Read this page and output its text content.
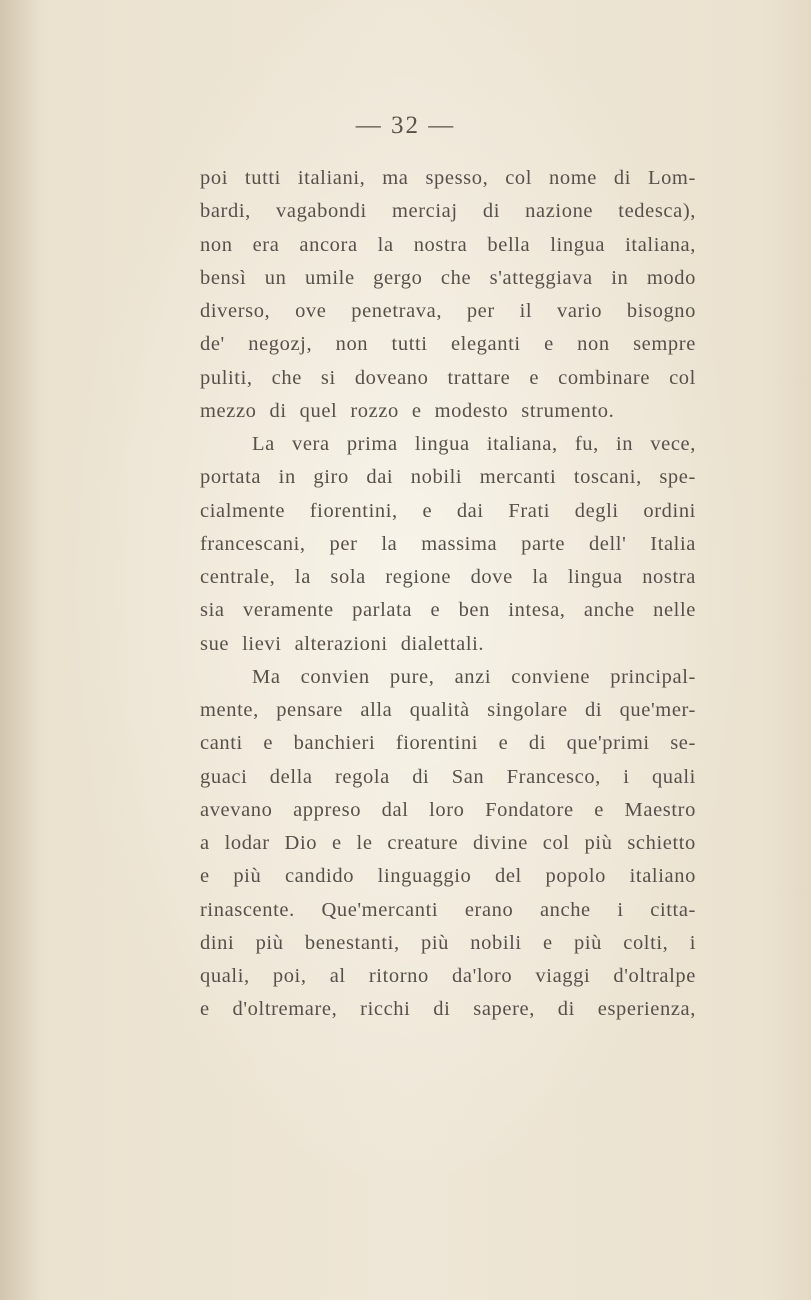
— 32 —
poi tutti italiani, ma spesso, col nome di Lom-
bardi, vagabondi merciaj di nazione tedesca),
non era ancora la nostra bella lingua italiana,
bensì un umile gergo che s'atteggiava in modo
diverso, ove penetrava, per il vario bisogno
de' negozj, non tutti eleganti e non sempre
puliti, che si doveano trattare e combinare col
mezzo di quel rozzo e modesto strumento.
La vera prima lingua italiana, fu, in vece,
portata in giro dai nobili mercanti toscani, spe-
cialmente fiorentini, e dai Frati degli ordini
francescani, per la massima parte dell' Italia
centrale, la sola regione dove la lingua nostra
sia veramente parlata e ben intesa, anche nelle
sue lievi alterazioni dialettali.
Ma convien pure, anzi conviene principal-
mente, pensare alla qualità singolare di que'mer-
canti e banchieri fiorentini e di que'primi se-
guaci della regola di San Francesco, i quali
avevano appreso dal loro Fondatore e Maestro
a lodar Dio e le creature divine col più schietto
e più candido linguaggio del popolo italiano
rinascente. Que'mercanti erano anche i citta-
dini più benestanti, più nobili e più colti, i
quali, poi, al ritorno da'loro viaggi d'oltralpe
e d'oltremare, ricchi di sapere, di esperienza,
